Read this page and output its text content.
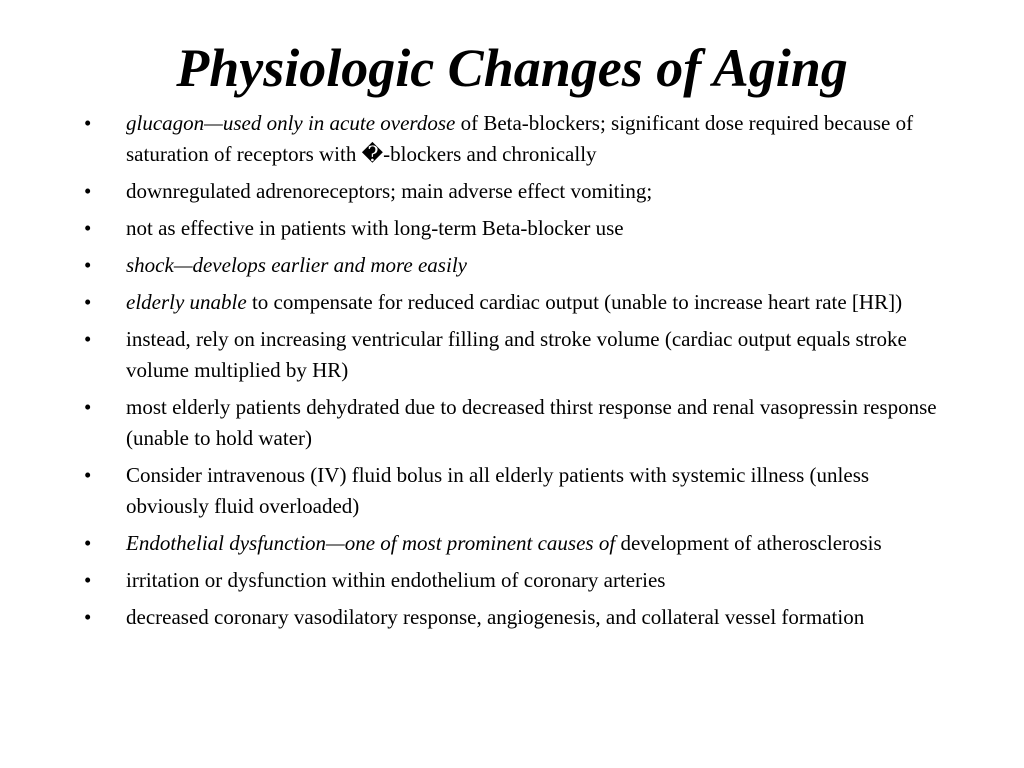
Physiologic Changes of Aging
•	glucagon—used only in acute overdose of Beta-blockers; significant dose required because of saturation of receptors with �-blockers and chronically
•	downregulated adrenoreceptors; main adverse effect vomiting;
•	not as effective in patients with long-term Beta-blocker use
•	shock—develops earlier and more easily
•	elderly unable to compensate for reduced cardiac output (unable to increase heart rate [HR])
•	instead, rely on increasing ventricular filling and stroke volume (cardiac output equals stroke volume multiplied by HR)
•	most elderly patients dehydrated due to decreased thirst response and renal vasopressin response (unable to hold water)
•	Consider intravenous (IV) fluid bolus in all elderly patients with systemic illness (unless obviously fluid overloaded)
•	Endothelial dysfunction—one of most prominent causes of development of atherosclerosis
•	irritation or dysfunction within endothelium of coronary arteries
•	decreased coronary vasodilatory response, angiogenesis, and collateral vessel formation
